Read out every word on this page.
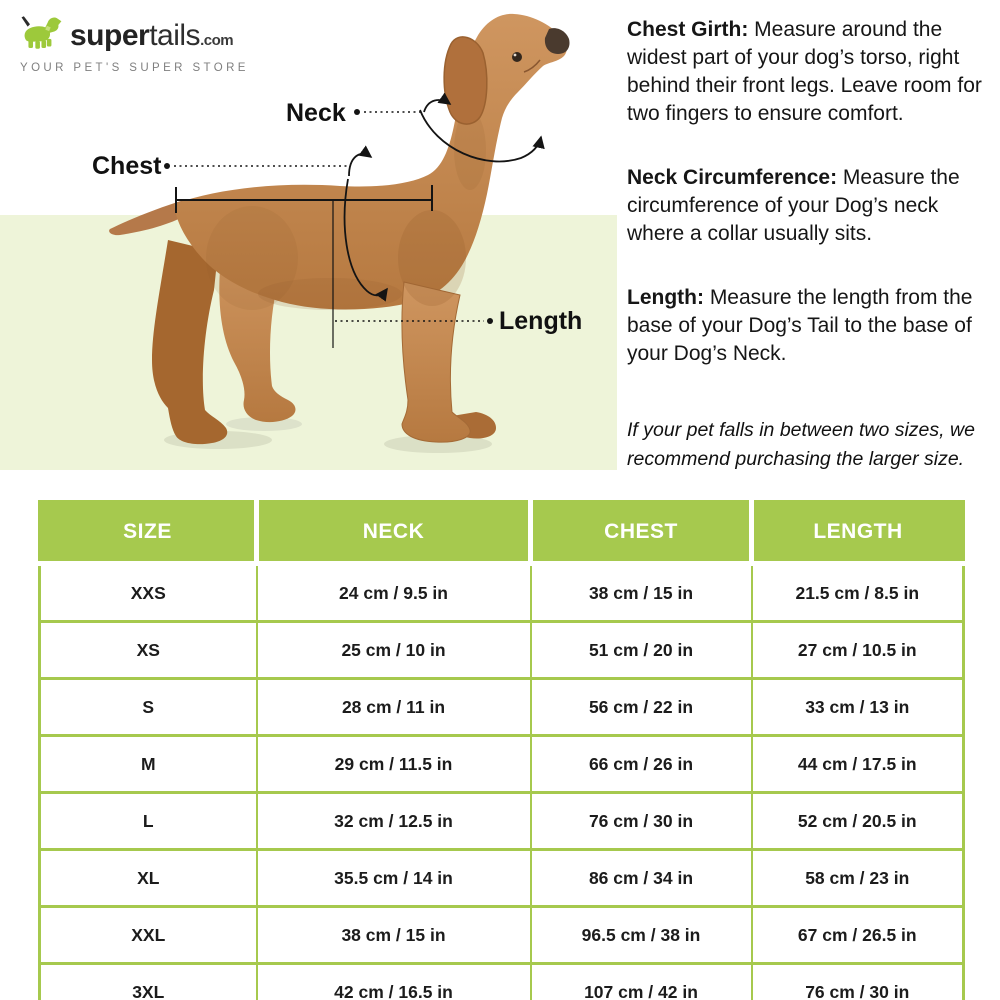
supertails.com
YOUR PET'S SUPER STORE
Neck
Chest
Length

Chest Girth: Measure around the widest part of your dog’s torso, right behind their front legs. Leave room for two fingers to ensure comfort.

Neck Circumference: Measure the circumference of your Dog’s neck where a collar usually sits.

Length: Measure the length from the base of your Dog’s Tail to the base of your Dog’s Neck.

If your pet falls in between two sizes, we recommend purchasing the larger size.
SIZE	NECK	CHEST	LENGTH
XXS	24 cm / 9.5 in	38 cm / 15 in	21.5 cm / 8.5 in
XS	25 cm / 10 in	51 cm / 20 in	27 cm / 10.5 in
S	28 cm / 11 in	56 cm / 22 in	33 cm / 13 in
M	29 cm / 11.5 in	66 cm / 26 in	44 cm / 17.5 in
L	32 cm / 12.5 in	76 cm / 30 in	52 cm / 20.5 in
XL	35.5 cm / 14 in	86 cm / 34 in	58 cm / 23 in
XXL	38 cm / 15 in	96.5 cm / 38 in	67 cm / 26.5 in
3XL	42 cm / 16.5 in	107 cm / 42 in	76 cm / 30 in
